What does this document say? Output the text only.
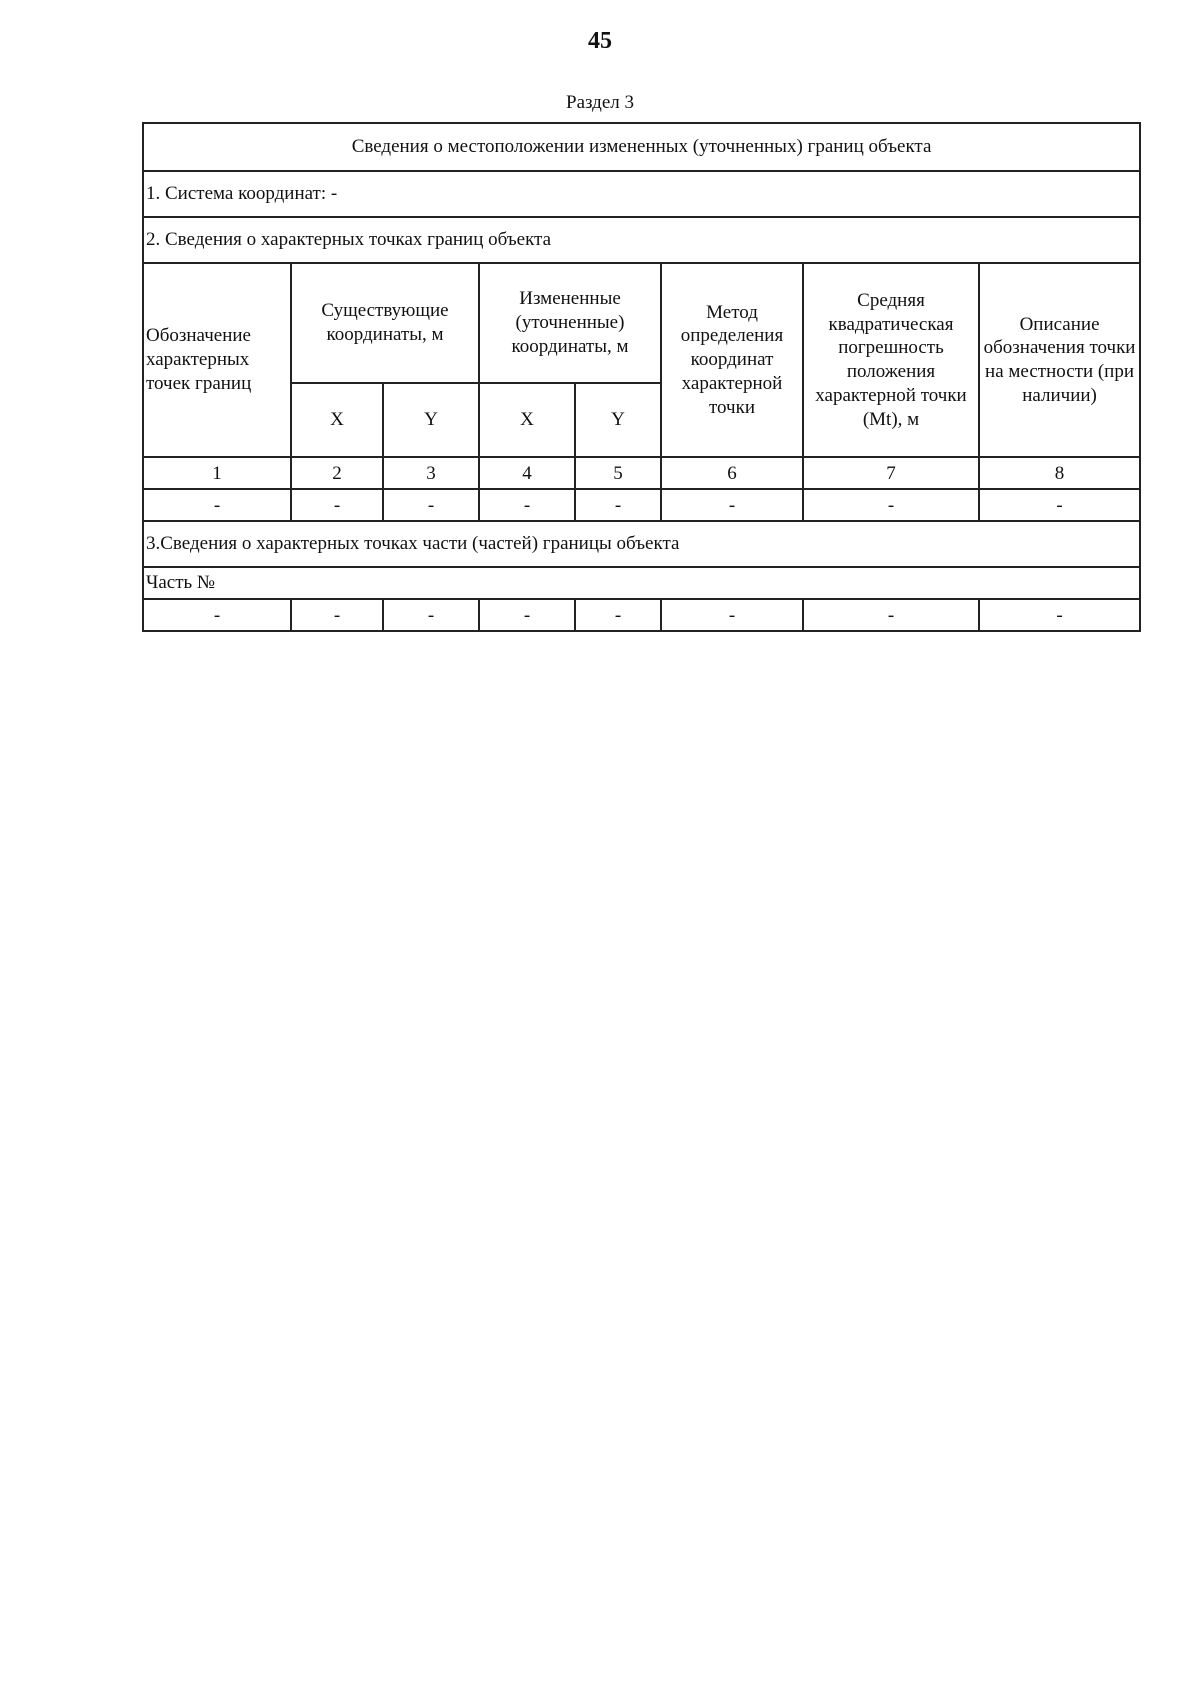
45
Раздел 3
Сведения о местоположении измененных (уточненных) границ объекта							
1. Система координат: -							
2. Сведения о характерных точках границ объекта							
Обозначение характерных точек границ	Существующие координаты, м		Измененные (уточненные) координаты, м		Метод определения координат характерной точки	Средняя квадратическая погрешность положения характерной точки (Mt), м	Описание обозначения точки на местности (при наличии)
	X	Y	X	Y			
1	2	3	4	5	6	7	8
-	-	-	-	-	-	-	-
3.Сведения о характерных точках части (частей) границы объекта							
Часть №							
-	-	-	-	-	-	-	-
